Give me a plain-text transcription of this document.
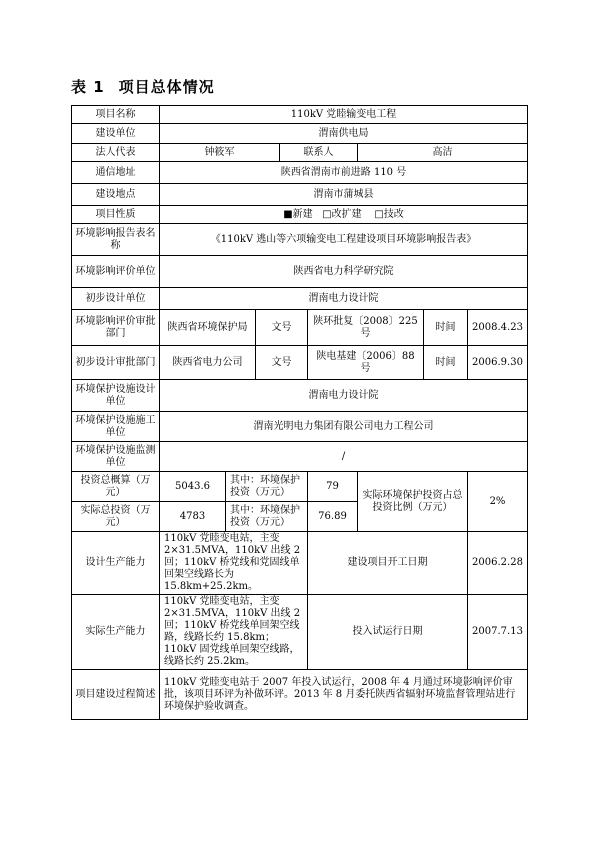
表 1 项目总体情况
项目名称	110kV 党睦输变电工程							
建设单位	渭南供电局							
法人代表	钟筱军			联系人		高洁		
通信地址	陕西省渭南市前进路 110 号							
建设地点	渭南市蒲城县							
项目性质	■新建 □改扩建 □技改							
环境影响报告表名称	《110kV 逃山等六项输变电工程建设项目环境影响报告表》							
环境影响评价单位	陕西省电力科学研究院							
初步设计单位	渭南电力设计院							
环境影响评价审批部门	陕西省环境保护局		文号		陕环批复〔2008〕225 号		时间	2008.4.23
初步设计审批部门	陕西省电力公司		文号		陕电基建〔2006〕88 号		时间	2006.9.30
环境保护设施设计单位	渭南电力设计院							
环境保护设施施工单位	渭南光明电力集团有限公司电力工程公司							
环境保护设施监测单位	/							
投资总概算（万元）	5043.6	其中：环境保护投资（万元）			79	实际环境保护投资占总投资比例（万元）		2%
实际总投资（万元）	4783	其中：环境保护投资（万元）			76.89			
设计生产能力	110kV 党睦变电站，主变 2×31.5MVA，110kV 出线 2 回；110kV 桥党线和党固线单回架空线路长为 15.8km+25.2km。				建设项目开工日期			2006.2.28
实际生产能力	110kV 党睦变电站，主变 2×31.5MVA，110kV 出线 2 回；110kV 桥党线单回架空线路，线路长约 15.8km；110kV 固党线单回架空线路，线路长约 25.2km。				投入试运行日期			2007.7.13
项目建设过程简述	110kV 党睦变电站于 2007 年投入试运行，2008 年 4 月通过环境影响评价审批，该项目环评为补做环评。2013 年 8 月委托陕西省辐射环境监督管理站进行环境保护验收调查。							
